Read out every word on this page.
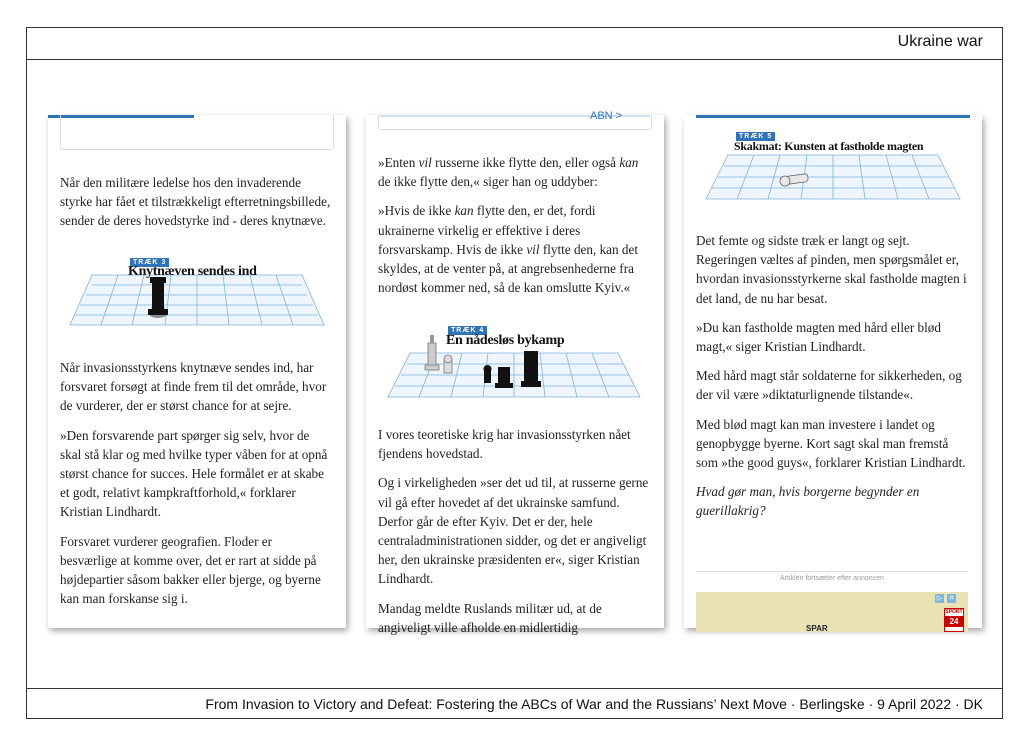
Ukraine war

Når den militære ledelse hos den invaderende styrke har fået et tilstrækkeligt efterretningsbillede, sender de deres hovedstyrke ind - deres knytnæve.

TRÆK 3
Knytnæven sendes ind

Når invasionsstyrkens knytnæve sendes ind, har forsvaret forsøgt at finde frem til det område, hvor de vurderer, der er størst chance for at sejre.

»Den forsvarende part spørger sig selv, hvor de skal stå klar og med hvilke typer våben for at opnå størst chance for succes. Hele formålet er at skabe et godt, relativt kampkraftforhold,« forklarer Kristian Lindhardt.

Forsvaret vurderer geografien. Floder er besværlige at komme over, det er rart at sidde på højdepartier såsom bakker eller bjerge, og byerne kan man forskanse sig i.

ABN >

»Enten vil russerne ikke flytte den, eller også kan de ikke flytte den,« siger han og uddyber:

»Hvis de ikke kan flytte den, er det, fordi ukrainerne virkelig er effektive i deres forsvarskamp. Hvis de ikke vil flytte den, kan det skyldes, at de venter på, at angrebsenhederne fra nordøst kommer ned, så de kan omslutte Kyiv.«

TRÆK 4
En nådesløs bykamp

I vores teoretiske krig har invasionsstyrken nået fjendens hovedstad.

Og i virkeligheden »ser det ud til, at russerne gerne vil gå efter hovedet af det ukrainske samfund. Derfor går de efter Kyiv. Det er der, hele centraladministrationen sidder, og det er angiveligt her, den ukrainske præsidenten er«, siger Kristian Lindhardt.

Mandag meldte Ruslands militær ud, at de angiveligt ville afholde en midlertidig

TRÆK 5
Skakmat: Kunsten at fastholde magten

Det femte og sidste træk er langt og sejt. Regeringen væltes af pinden, men spørgsmålet er, hvordan invasionsstyrkerne skal fastholde magten i det land, de nu har besat.

»Du kan fastholde magten med hård eller blød magt,« siger Kristian Lindhardt.

Med hård magt står soldaterne for sikkerheden, og der vil være »diktaturlignende tilstande«.

Med blød magt kan man investere i landet og genopbygge byerne. Kort sagt skal man fremstå som »the good guys«, forklarer Kristian Lindhardt.

Hvad gør man, hvis borgerne begynder en guerillakrig?

Artiklen fortsætter efter annoncen
▷ ✕
SPORT
24
SPAR
From Invasion to Victory and Defeat: Fostering the ABCs of War and the Russians’ Next Move · Berlingske · 9 April 2022 · DK
